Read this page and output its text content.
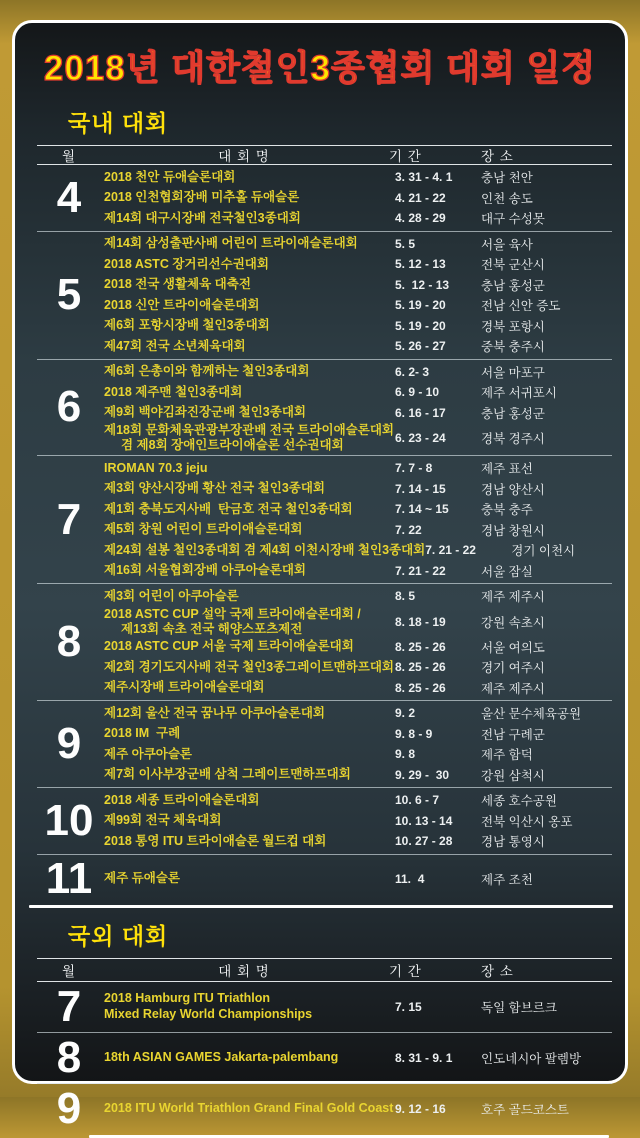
2018년 대한철인3종협회 대회 일정
국내 대회
월	대 회 명	기 간	장 소
4	2018 천안 듀애슬론대회	3. 31 - 4. 1	충남 천안
2018 인천협회장배 미추홀 듀애슬론	4. 21 - 22	인천 송도
제14회 대구시장배 전국철인3종대회	4. 28 - 29	대구 수성못
5
제14회 삼성출판사배 어린이 트라이애슬론대회	5. 5	서을 육사
2018 ASTC 장거리선수권대회	5. 12 - 13	전북 군산시
2018 전국 생활체육 대축전	5.  12 - 13	충남 홍성군
2018 신안 트라이애슬론대회	5. 19 - 20	전남 신안 증도
제6회 포항시장배 철인3종대회	5. 19 - 20	경북 포항시
제47회 전국 소년체육대회	5. 26 - 27	중북 충주시
6
제6회 은총이와 함께하는 철인3종대회	6. 2- 3	서을 마포구
2018 제주맨 철인3종대회	6. 9 - 10	제주 서귀포시
제9회 백야김좌진장군배 철인3종대회	6. 16 - 17	충남 홍성군
제18회 문화체육관광부장관배 전국 트라이애슬론대회
겸 제8회 장애인트라이애슬론 선수권대회	6. 23 - 24	경북 경주시
7
IROMAN 70.3 jeju	7. 7 - 8	제주 표선
제3회 양산시장배 황산 전국 철인3종대회	7. 14 - 15	경남 양산시
제1회 충북도지사배  탄금호 전국 철인3종대회	7. 14 ~ 15	충북 충주
제5회 창원 어린이 트라이애슬론대회	7. 22	경남 창원시
제24회 설봉 철인3종대회 겸 제4회 이천시장배 철인3종대회 7. 21 - 22	경기 이천시
제16회 서울협회장배 아쿠아슬론대회	7. 21 - 22	서울 잠실
8
제3회 어린이 아쿠아슬론	8. 5	제주 제주시
2018 ASTC CUP 설악 국제 트라이애슬론대회 /
제13회 속초 전국 해양스포츠제전	8. 18 - 19	강원 속초시
2018 ASTC CUP 서울 국제 트라이애슬론대회	8. 25 - 26	서울 여의도
제2회 경기도지사배 전국 철인3종그레이트맨하프대회 8. 25 - 26	경기 여주시
제주시장배 트라이애슬론대회	8. 25 - 26	제주 제주시
9
제12회 울산 전국 꿈나무 아쿠아슬론대회	9. 2	울산 문수체육공원
2018 IM  구례	9. 8 - 9	전남 구례군
제주 아쿠아슬론	9. 8	제주 함덕
제7회 이사부장군배 삼척 그레이트맨하프대회	9. 29 -  30	강원 삼척시
10 2018 세종 트라이애슬론대회	10. 6 - 7	세종 호수공원
제99회 전국 체육대회	10. 13 - 14	전북 익산시 옹포
2018 통영 ITU 트라이애슬론 월드컵 대회	10. 27 - 28	경남 통영시
11 제주 듀애슬론	11.  4	제주 조천
국외 대회
월	대 회 명	기 간	장 소
7	2018 Hamburg ITU Triathlon
Mixed Relay World Championships	7. 15	독일 함브르크
8	18th ASIAN GAMES Jakarta-palembang	8. 31 - 9. 1	인도네시아 팔렘방
9	2018 ITU World Triathlon Grand Final Gold Coast 9. 12 - 16	호주 골드코스트
